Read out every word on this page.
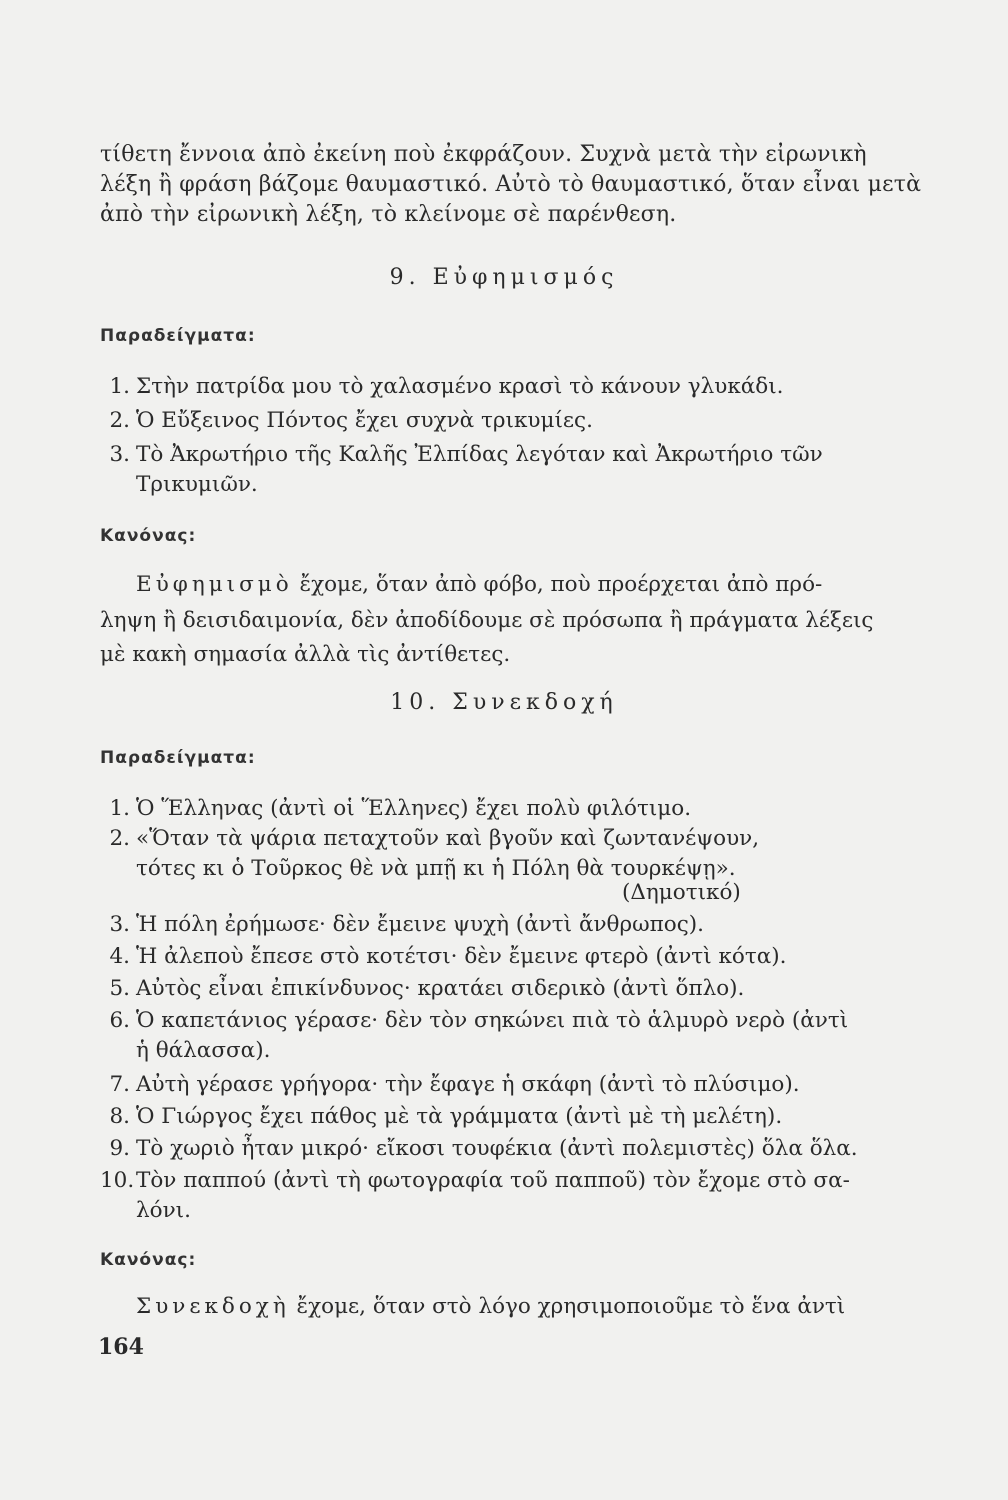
τίθετη ἔννοια ἀπὸ ἐκείνη ποὺ ἐκφράζουν. Συχνὰ μετὰ τὴν εἰρωνικὴ
λέξη ἢ φράση βάζομε θαυμαστικό. Αὐτὸ τὸ θαυμαστικό, ὅταν εἶναι μετὰ
ἀπὸ τὴν εἰρωνικὴ λέξη, τὸ κλείνομε σὲ παρένθεση.
9. Εὐφημισμός
Παραδείγματα:
1. Στὴν πατρίδα μου τὸ χαλασμένο κρασὶ τὸ κάνουν γλυκάδι.
2. Ὁ Εὔξεινος Πόντος ἔχει συχνὰ τρικυμίες.
3. Τὸ Ἀκρωτήριο τῆς Καλῆς Ἐλπίδας λεγόταν καὶ Ἀκρωτήριο τῶν
Τρικυμιῶν.
Κανόνας:
Εὐφημισμὸ ἔχομε, ὅταν ἀπὸ φόβο, ποὺ προέρχεται ἀπὸ πρό-
ληψη ἢ δεισιδαιμονία, δὲν ἀποδίδουμε σὲ πρόσωπα ἢ πράγματα λέξεις
μὲ κακὴ σημασία ἀλλὰ τὶς ἀντίθετες.
10. Συνεκδοχή
Παραδείγματα:
1. Ὁ Ἕλληνας (ἀντὶ οἱ Ἕλληνες) ἔχει πολὺ φιλότιμο.
2. «Ὅταν τὰ ψάρια πεταχτοῦν καὶ βγοῦν καὶ ζωντανέψουν,
τότες κι ὁ Τοῦρκος θὲ νὰ μπῇ κι ἡ Πόλη θὰ τουρκέψῃ».
(Δημοτικό)
3. Ἡ πόλη ἐρήμωσε· δὲν ἔμεινε ψυχὴ (ἀντὶ ἄνθρωπος).
4. Ἡ ἀλεποὺ ἔπεσε στὸ κοτέτσι· δὲν ἔμεινε φτερὸ (ἀντὶ κότα).
5. Αὐτὸς εἶναι ἐπικίνδυνος· κρατάει σιδερικὸ (ἀντὶ ὅπλο).
6. Ὁ καπετάνιος γέρασε· δὲν τὸν σηκώνει πιὰ τὸ ἁλμυρὸ νερὸ (ἀντὶ
ἡ θάλασσα).
7. Αὐτὴ γέρασε γρήγορα· τὴν ἔφαγε ἡ σκάφη (ἀντὶ τὸ πλύσιμο).
8. Ὁ Γιώργος ἔχει πάθος μὲ τὰ γράμματα (ἀντὶ μὲ τὴ μελέτη).
9. Τὸ χωριὸ ἦταν μικρό· εἴκοσι τουφέκια (ἀντὶ πολεμιστὲς) ὅλα ὅλα.
10.Τὸν παππού (ἀντὶ τὴ φωτογραφία τοῦ παπποῦ) τὸν ἔχομε στὸ σα-
λόνι.
Κανόνας:
Συνεκδοχὴ ἔχομε, ὅταν στὸ λόγο χρησιμοποιοῦμε τὸ ἕνα ἀντὶ
164
